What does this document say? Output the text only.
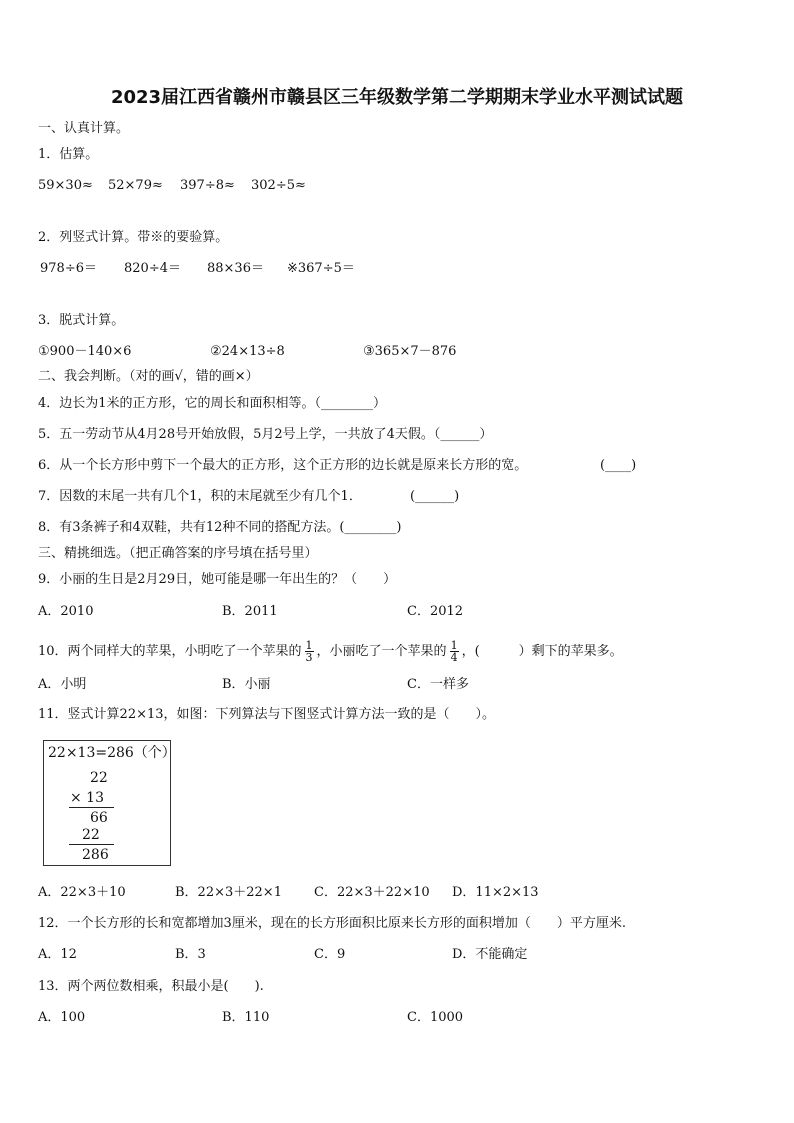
2023届江西省赣州市赣县区三年级数学第二学期期末学业水平测试试题
一、认真计算。
1．估算。
59×30≈ 52×79≈ 397÷8≈ 302÷5≈
2．列竖式计算。带※的要验算。
978÷6＝ 820÷4＝ 88×36＝ ※367÷5＝
3．脱式计算。
①900－140×6	②24×13÷8	③365×7－876
二、我会判断。（对的画√，错的画×）
4．边长为1米的正方形，它的周长和面积相等。（________）
5．五一劳动节从4月28号开始放假，5月2号上学，一共放了4天假。（______）
6．从一个长方形中剪下一个最大的正方形，这个正方形的边长就是原来长方形的宽。	(____)
7．因数的末尾一共有几个1，积的末尾就至少有几个1．	(______)
8．有3条裤子和4双鞋，共有12种不同的搭配方法。(________)
三、精挑细选。（把正确答案的序号填在括号里）
9．小丽的生日是2月29日，她可能是哪一年出生的？（　　）
A．2010	B．2011	C．2012
10．两个同样大的苹果，小明吃了一个苹果的 $\frac{1}{3}$ ，小丽吃了一个苹果的 $\frac{1}{4}$ ，(　　　）剩下的苹果多。
A．小明	B．小丽	C．一样多
11．竖式计算22×13，如图：下列算法与下图竖式计算方法一致的是（　　）。
22×13=286（个）
22
× 13
66
22
286
A．22×3＋10	B．22×3＋22×1 C．22×3＋22×10 D．11×2×13
12．一个长方形的长和宽都增加3厘米，现在的长方形面积比原来长方形的面积增加（　　）平方厘米.
A．12	B．3	C．9	D．不能确定
13．两个两位数相乘，积最小是(　　).
A．100	B．110	C．1000
